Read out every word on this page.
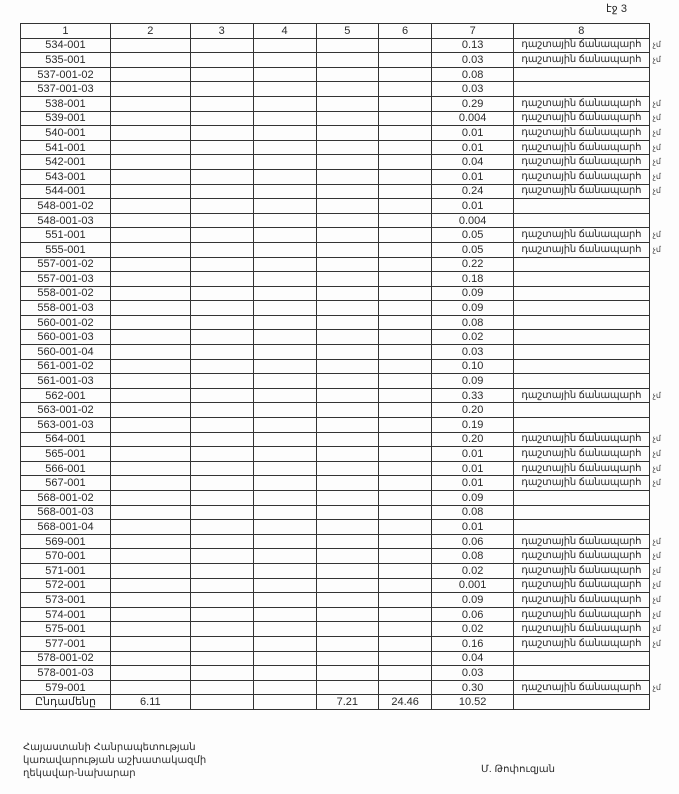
էջ 3
1	2	3	4	5	6	7	8	
534-001						0.13	դաշտային ճանապարհ	չմ
535-001						0.03	դաշտային ճանապարհ	չմ
537-001-02						0.08		
537-001-03						0.03		
538-001						0.29	դաշտային ճանապարհ	չմ
539-001						0.004	դաշտային ճանապարհ	չմ
540-001						0.01	դաշտային ճանապարհ	չմ
541-001						0.01	դաշտային ճանապարհ	չմ
542-001						0.04	դաշտային ճանապարհ	չմ
543-001						0.01	դաշտային ճանապարհ	չմ
544-001						0.24	դաշտային ճանապարհ	չմ
548-001-02						0.01		
548-001-03						0.004		
551-001						0.05	դաշտային ճանապարհ	չմ
555-001						0.05	դաշտային ճանապարհ	չմ
557-001-02						0.22		
557-001-03						0.18		
558-001-02						0.09		
558-001-03						0.09		
560-001-02						0.08		
560-001-03						0.02		
560-001-04						0.03		
561-001-02						0.10		
561-001-03						0.09		
562-001						0.33	դաշտային ճանապարհ	չմ
563-001-02						0.20		
563-001-03						0.19		
564-001						0.20	դաշտային ճանապարհ	չմ
565-001						0.01	դաշտային ճանապարհ	չմ
566-001						0.01	դաշտային ճանապարհ	չմ
567-001						0.01	դաշտային ճանապարհ	չմ
568-001-02						0.09		
568-001-03						0.08		
568-001-04						0.01		
569-001						0.06	դաշտային ճանապարհ	չմ
570-001						0.08	դաշտային ճանապարհ	չմ
571-001						0.02	դաշտային ճանապարհ	չմ
572-001						0.001	դաշտային ճանապարհ	չմ
573-001						0.09	դաշտային ճանապարհ	չմ
574-001						0.06	դաշտային ճանապարհ	չմ
575-001						0.02	դաշտային ճանապարհ	չմ
577-001						0.16	դաշտային ճանապարհ	չմ
578-001-02						0.04		
578-001-03						0.03		
579-001						0.30	դաշտային ճանապարհ	չմ
Ընդամենը	6.11			7.21	24.46	10.52		
Հայաստանի Հանրապետության
կառավարության աշխատակազմի
ղեկավար-նախարար	Մ. Թոփուզյան
